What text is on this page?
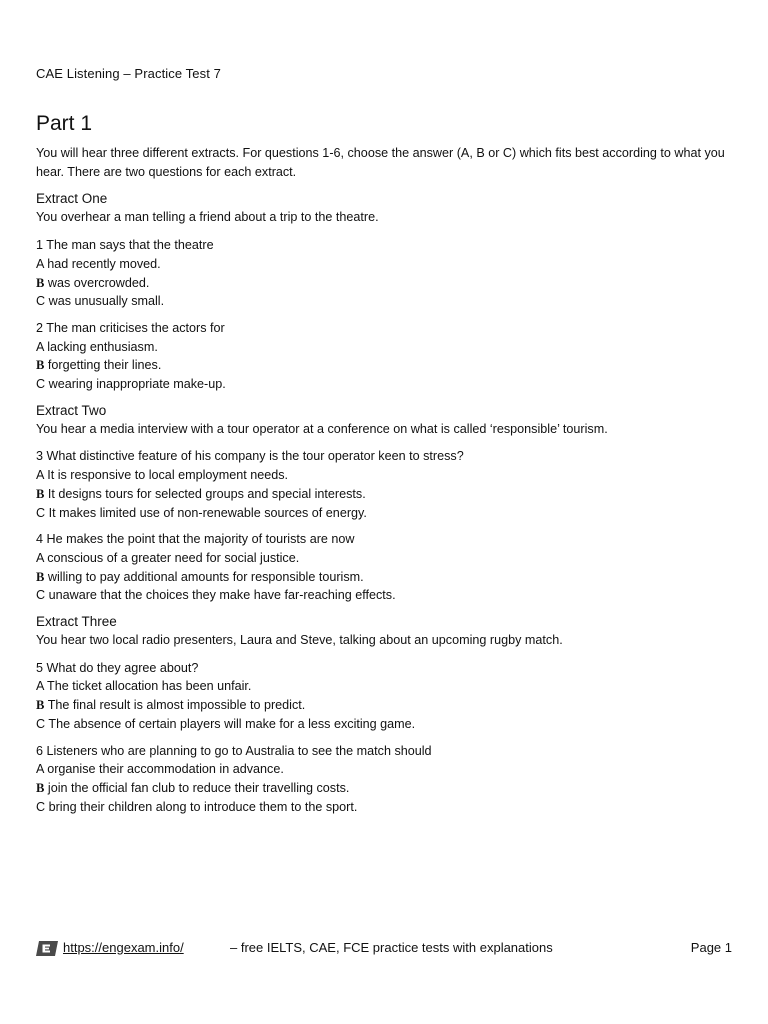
CAE Listening – Practice Test 7
Part 1

You will hear three different extracts. For questions 1-6, choose the answer (A, B or C) which fits best according to what you hear. There are two questions for each extract.

Extract One

You overhear a man telling a friend about a trip to the theatre.

1 The man says that the theatre

A had recently moved.

B was overcrowded.

C was unusually small.

2 The man criticises the actors for

A lacking enthusiasm.

B forgetting their lines.

C wearing inappropriate make-up.

Extract Two

You hear a media interview with a tour operator at a conference on what is called ‘responsible’ tourism.

3 What distinctive feature of his company is the tour operator keen to stress?

A It is responsive to local employment needs.

B It designs tours for selected groups and special interests.

C It makes limited use of non-renewable sources of energy.

4 He makes the point that the majority of tourists are now

A conscious of a greater need for social justice.

B willing to pay additional amounts for responsible tourism.

C unaware that the choices they make have far-reaching effects.

Extract Three

You hear two local radio presenters, Laura and Steve, talking about an upcoming rugby match.

5 What do they agree about?

A The ticket allocation has been unfair.

B The final result is almost impossible to predict.

C The absence of certain players will make for a less exciting game.

6 Listeners who are planning to go to Australia to see the match should

A organise their accommodation in advance.

B join the official fan club to reduce their travelling costs.

C bring their children along to introduce them to the sport.

https://engexam.info/	– free IELTS, CAE, FCE practice tests with explanations	Page 1
